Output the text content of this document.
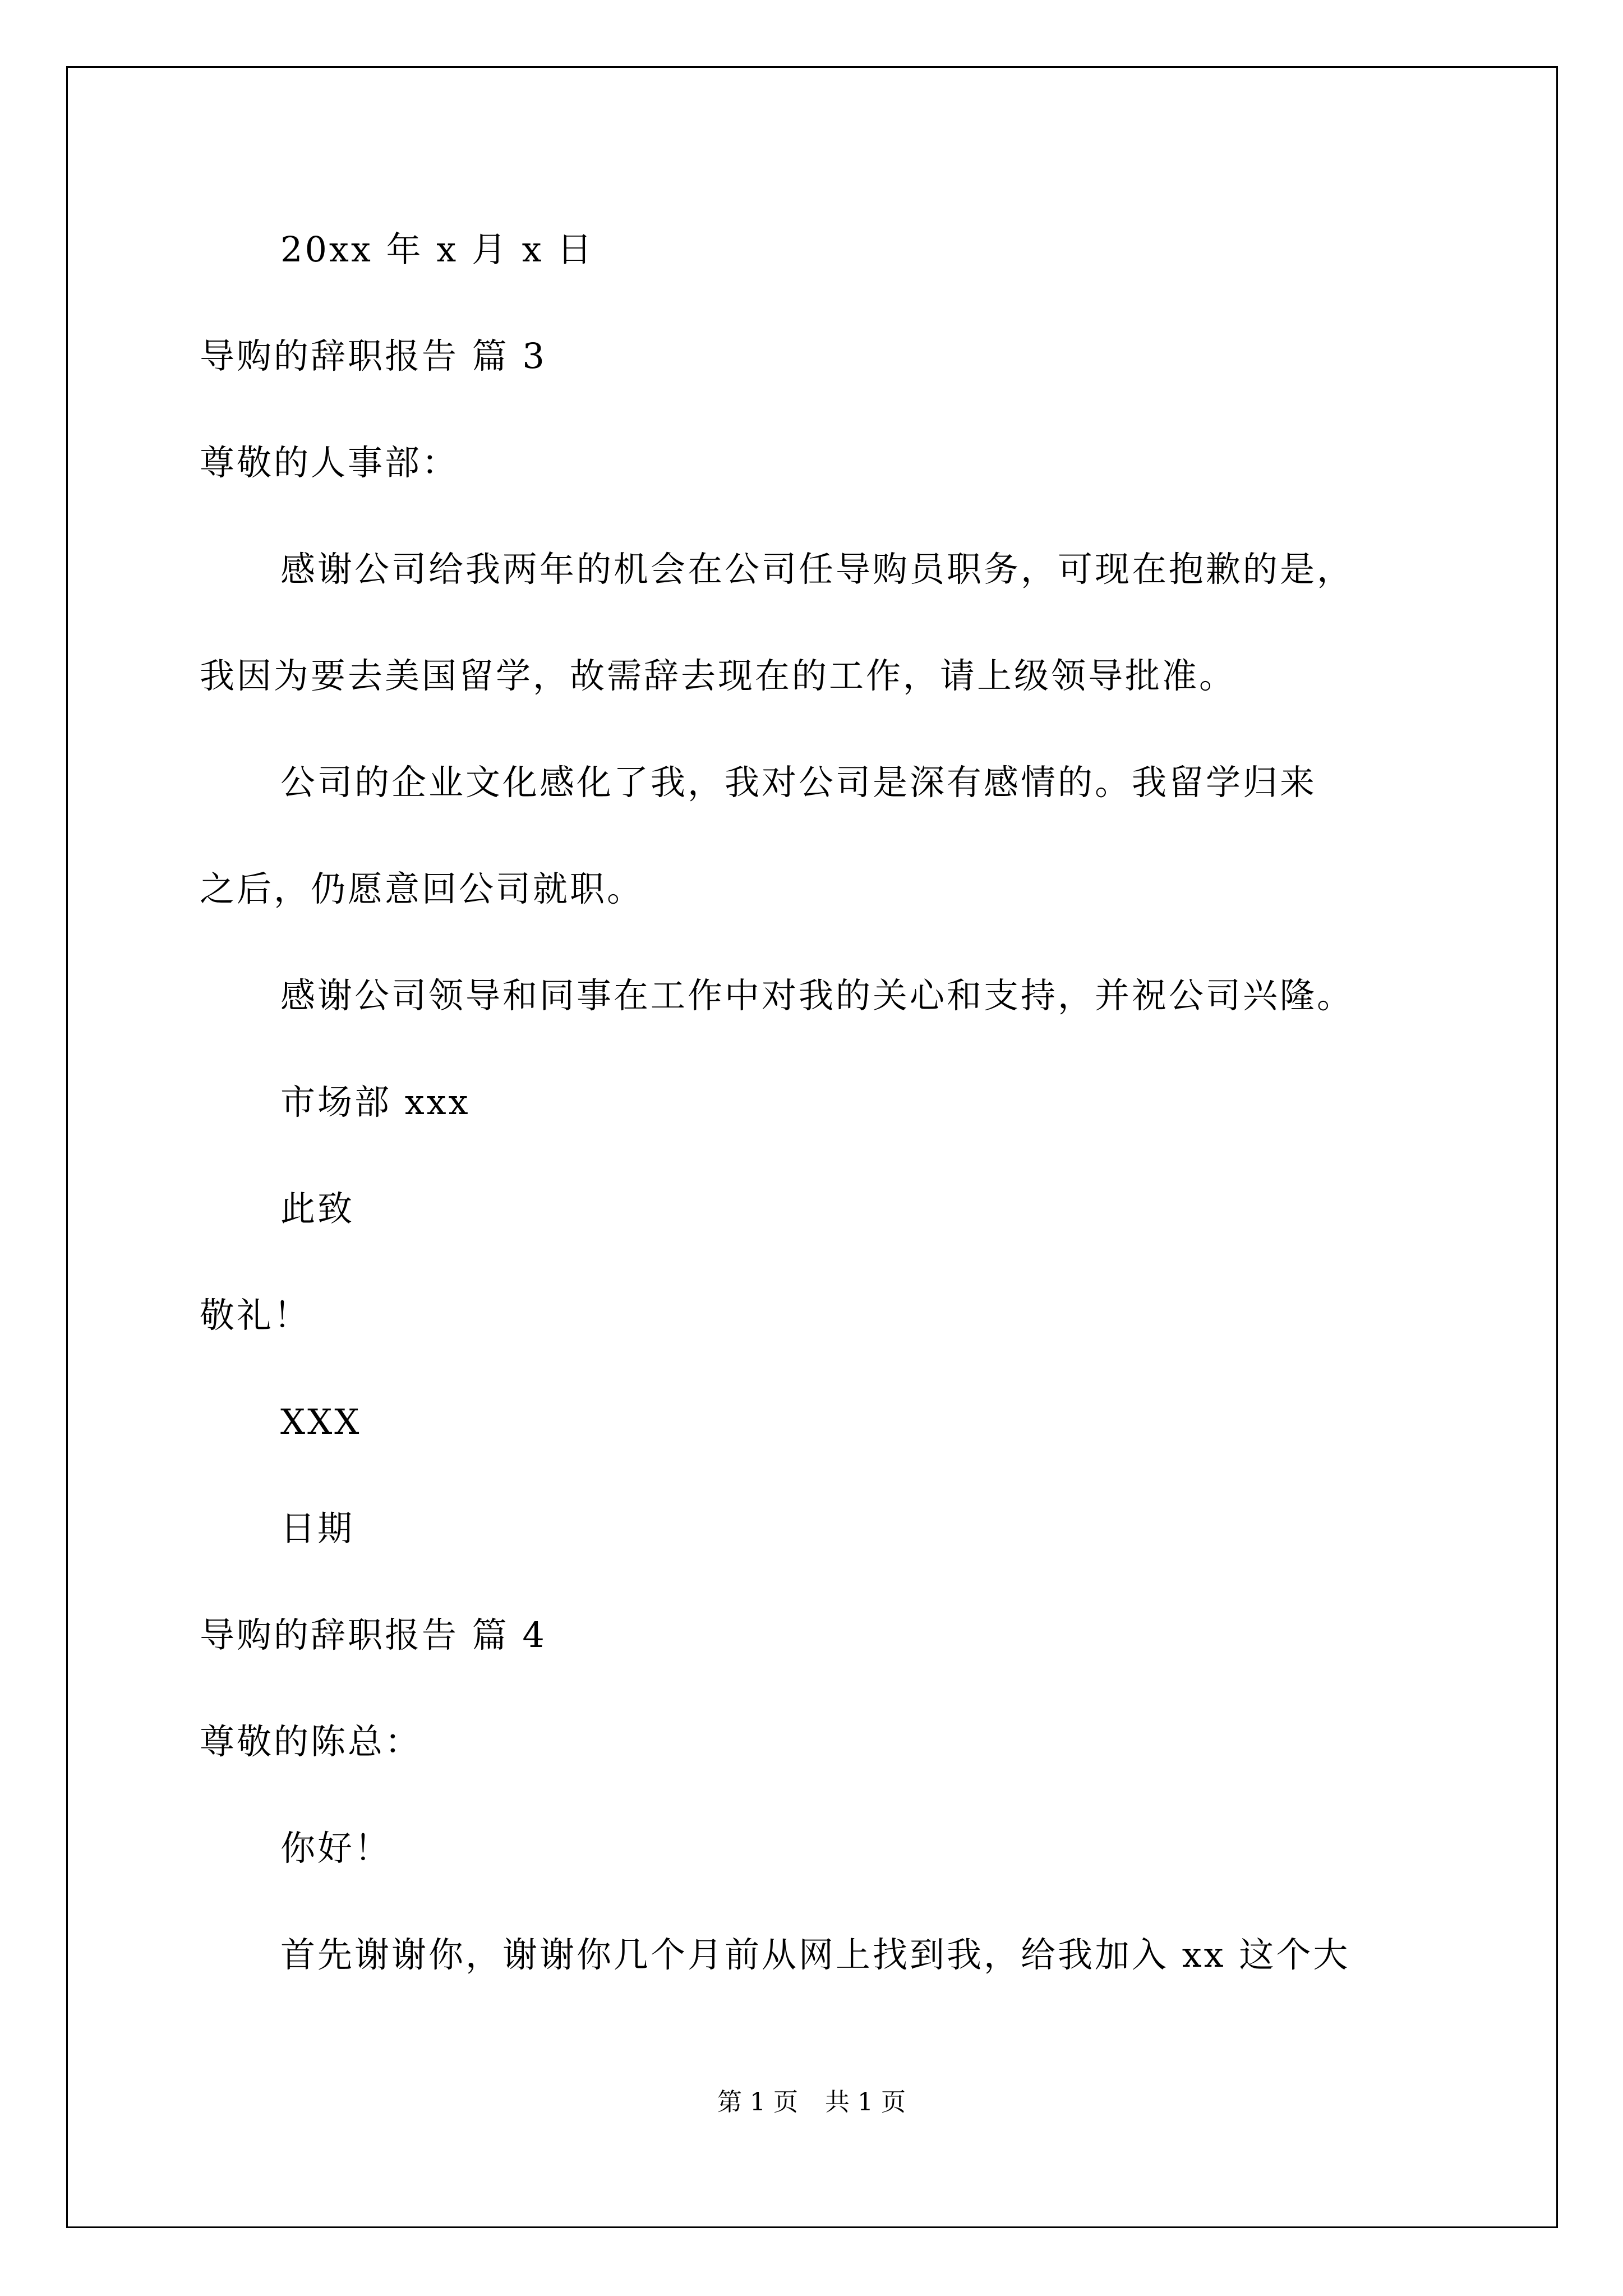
20xx 年 x 月 x 日
导购的辞职报告 篇 3
尊敬的人事部：
感谢公司给我两年的机会在公司任导购员职务，可现在抱歉的是，
我因为要去美国留学，故需辞去现在的工作，请上级领导批准。
公司的企业文化感化了我，我对公司是深有感情的。我留学归来
之后，仍愿意回公司就职。
感谢公司领导和同事在工作中对我的关心和支持，并祝公司兴隆。
市场部 xxx
此致
敬礼！
XXX
日期
导购的辞职报告 篇 4
尊敬的陈总：
你好！
首先谢谢你，谢谢你几个月前从网上找到我，给我加入 xx 这个大
第 1 页 共 1 页
